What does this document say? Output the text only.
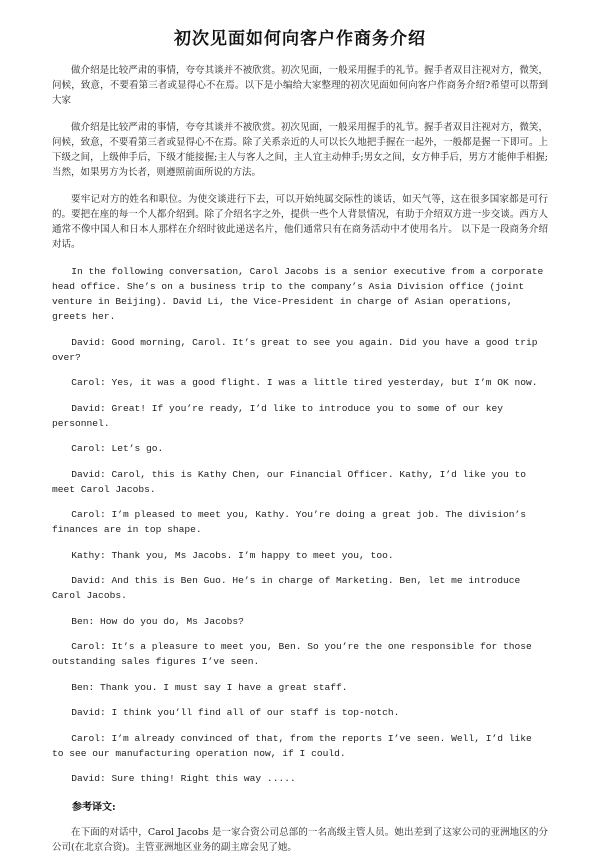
初次见面如何向客户作商务介绍

做介绍是比较严肃的事情，夸夸其谈并不被欣赏。初次见面，一般采用握手的礼节。握手者双目注视对方，微笑，问候，致意，不要看第三者或显得心不在焉。以下是小编给大家整理的初次见面如何向客户作商务介绍?希望可以帮到大家

做介绍是比较严肃的事情，夸夸其谈并不被欣赏。初次见面，一般采用握手的礼节。握手者双目注视对方，微笑，问候，致意，不要看第三者或显得心不在焉。除了关系亲近的人可以长久地把手握在一起外，一般都是握一下即可。上下级之间，上级伸手后，下级才能接握;主人与客人之间，主人宜主动伸手;男女之间，女方伸手后，男方才能伸手相握;当然，如果男方为长者，则遵照前面所说的方法。

要牢记对方的姓名和职位。为使交谈进行下去，可以开始纯属交际性的谈话，如天气等，这在很多国家都是可行的。要把在座的每一个人都介绍到。除了介绍名字之外，提供一些个人背景情况，有助于介绍双方进一步交谈。西方人通常不像中国人和日本人那样在介绍时彼此递送名片，他们通常只有在商务活动中才使用名片。 以下是一段商务介绍对话。

In the following conversation, Carol Jacobs is a senior executive from a corporate head office. She’s on a business trip to the company’s Asia Division office (joint venture in Beijing). David Li, the Vice-President in charge of Asian operations, greets her.

David: Good morning, Carol. It’s great to see you again. Did you have a good trip over?

Carol: Yes, it was a good flight. I was a little tired yesterday, but I’m OK now.

David: Great! If you’re ready, I’d like to introduce you to some of our key personnel.

Carol: Let’s go.

David: Carol, this is Kathy Chen, our Financial Officer. Kathy, I’d like you to meet Carol Jacobs.

Carol: I’m pleased to meet you, Kathy. You’re doing a great job. The division’s finances are in top shape.

Kathy: Thank you, Ms Jacobs. I’m happy to meet you, too.

David: And this is Ben Guo. He’s in charge of Marketing. Ben, let me introduce Carol Jacobs.

Ben: How do you do, Ms Jacobs?

Carol: It’s a pleasure to meet you, Ben. So you’re the one responsible for those outstanding sales figures I’ve seen.

Ben: Thank you. I must say I have a great staff.

David: I think you’ll find all of our staff is top-notch.

Carol: I’m already convinced of that, from the reports I’ve seen. Well, I’d like to see our manufacturing operation now, if I could.

David: Sure thing! Right this way .....

参考译文:

在下面的对话中，Carol Jacobs 是一家合资公司总部的一名高级主管人员。她出差到了这家公司的亚洲地区的分公司(在北京合资)。主管亚洲地区业务的副主席会见了她。
